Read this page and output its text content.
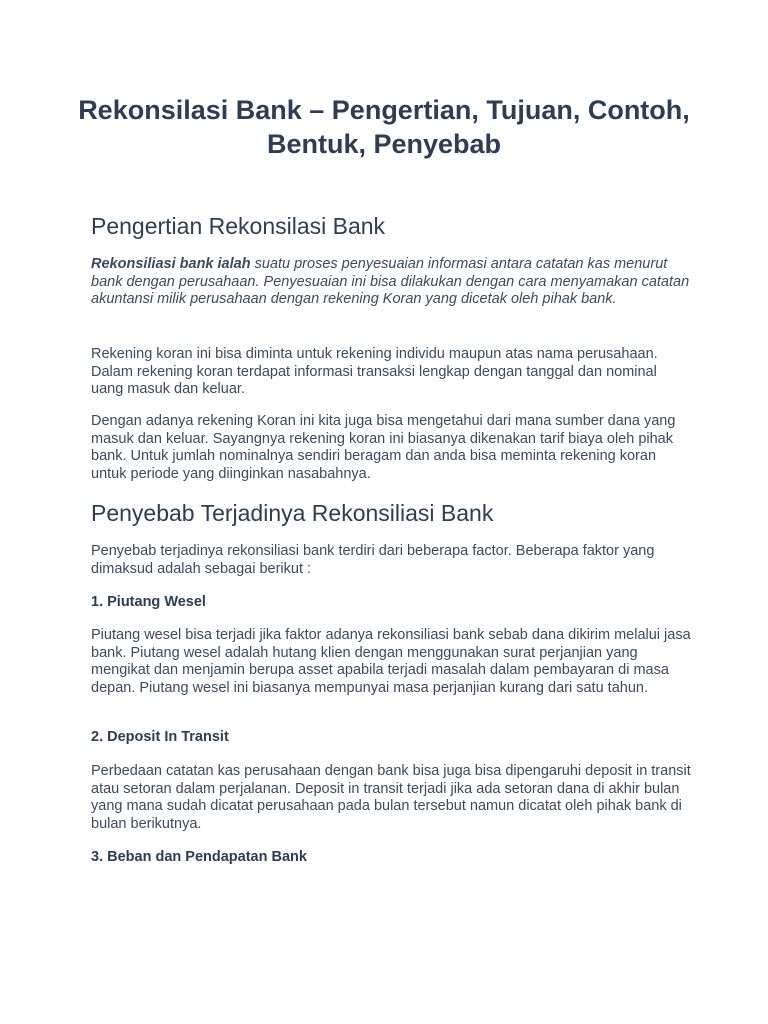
Rekonsilasi Bank – Pengertian, Tujuan, Contoh, Bentuk, Penyebab
Pengertian Rekonsilasi Bank

Rekonsiliasi bank ialah suatu proses penyesuaian informasi antara catatan kas menurut bank dengan perusahaan. Penyesuaian ini bisa dilakukan dengan cara menyamakan catatan akuntansi milik perusahaan dengan rekening Koran yang dicetak oleh pihak bank.

Rekening koran ini bisa diminta untuk rekening individu maupun atas nama perusahaan. Dalam rekening koran terdapat informasi transaksi lengkap dengan tanggal dan nominal uang masuk dan keluar.

Dengan adanya rekening Koran ini kita juga bisa mengetahui dari mana sumber dana yang masuk dan keluar. Sayangnya rekening koran ini biasanya dikenakan tarif biaya oleh pihak bank. Untuk jumlah nominalnya sendiri beragam dan anda bisa meminta rekening koran untuk periode yang diinginkan nasabahnya.

Penyebab Terjadinya Rekonsiliasi Bank

Penyebab terjadinya rekonsiliasi bank terdiri dari beberapa factor. Beberapa faktor yang dimaksud adalah sebagai berikut :

1. Piutang Wesel

Piutang wesel bisa terjadi jika faktor adanya rekonsiliasi bank sebab dana dikirim melalui jasa bank. Piutang wesel adalah hutang klien dengan menggunakan surat perjanjian yang mengikat dan menjamin berupa asset apabila terjadi masalah dalam pembayaran di masa depan. Piutang wesel ini biasanya mempunyai masa perjanjian kurang dari satu tahun.

2. Deposit In Transit

Perbedaan catatan kas perusahaan dengan bank bisa juga bisa dipengaruhi deposit in transit atau setoran dalam perjalanan. Deposit in transit terjadi jika ada setoran dana di akhir bulan yang mana sudah dicatat perusahaan pada bulan tersebut namun dicatat oleh pihak bank di bulan berikutnya.

3. Beban dan Pendapatan Bank
